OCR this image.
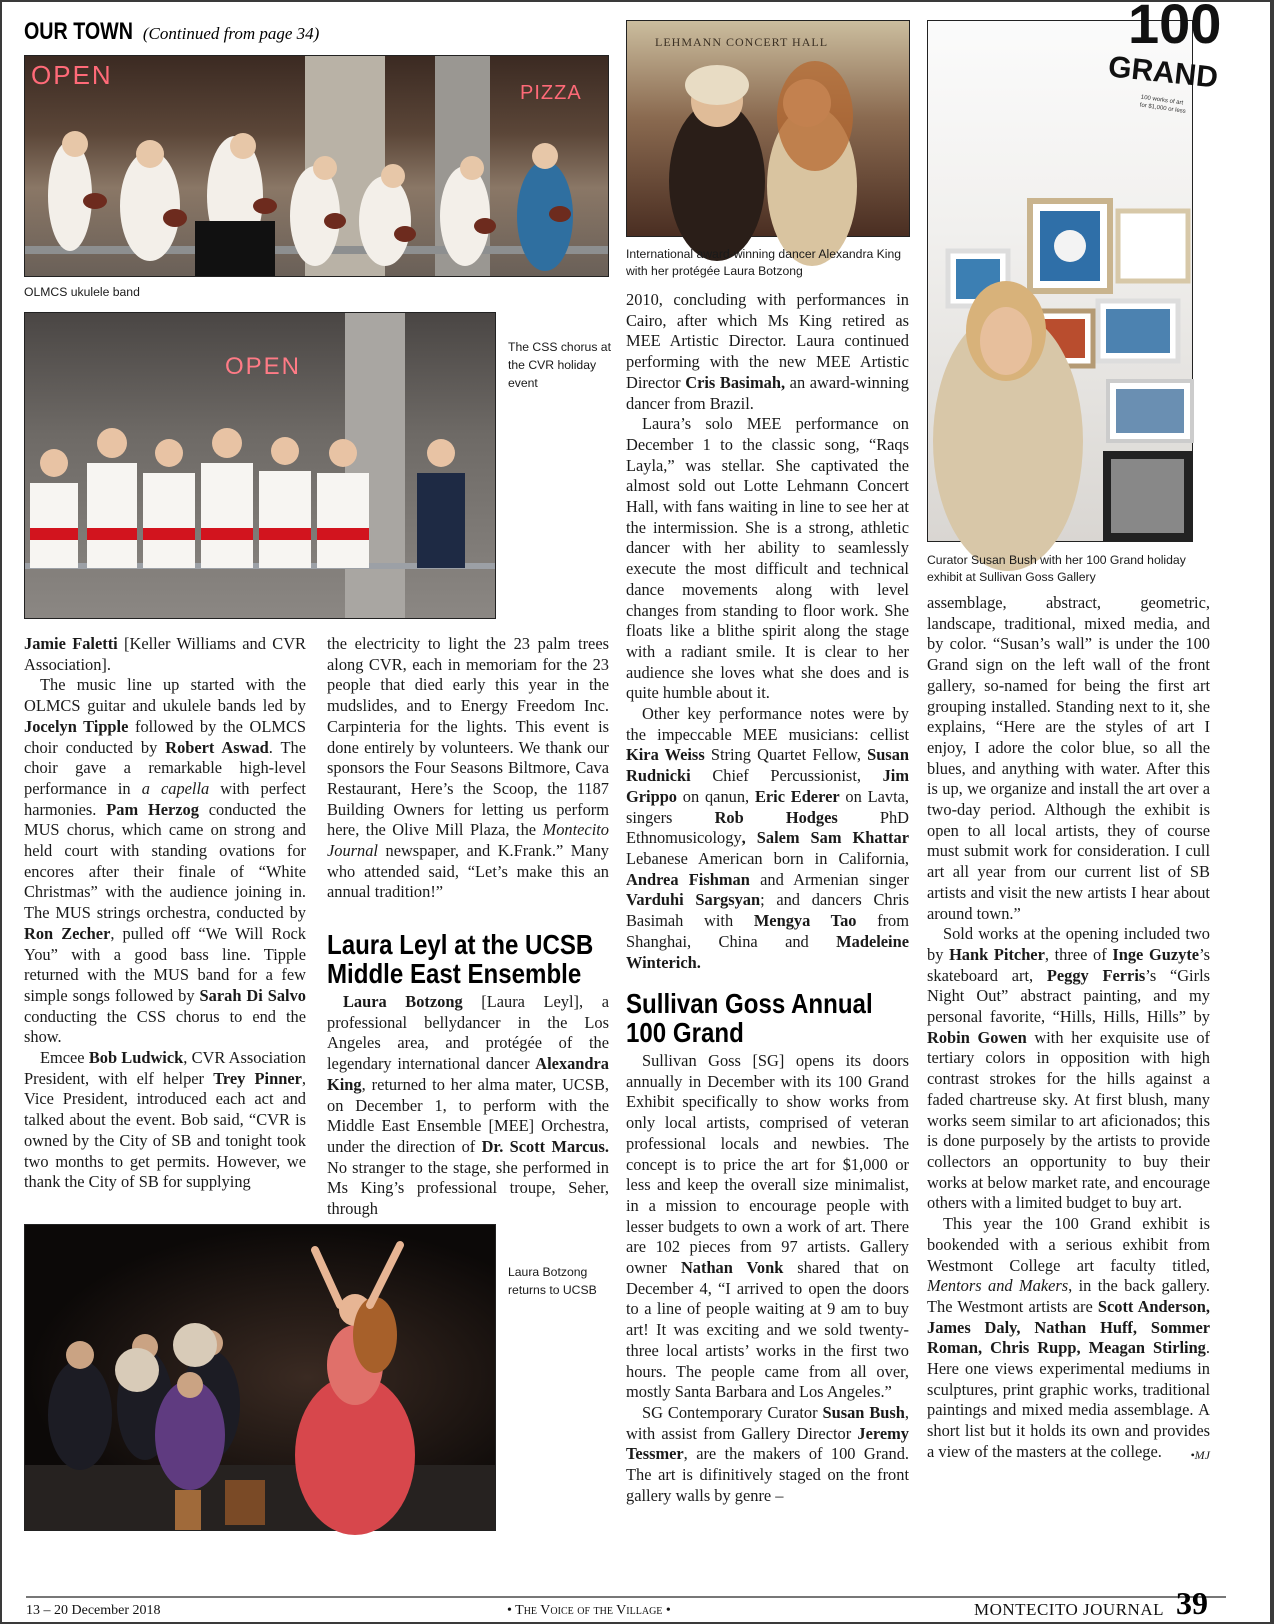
OUR TOWN (Continued from page 34)
OPEN
PIZZA
OLMCS ukulele band
OPEN
The CSS chorus at the CVR holiday event
LEHMANN CONCERT HALL
International award-winning dancer Alexandra King with her protégée Laura Botzong
100
GRAND
100 works of art for $1,000 or less
Curator Susan Bush with her 100 Grand holiday exhibit at Sullivan Goss Gallery
Laura Botzong returns to UCSB

Jamie Faletti [Keller Williams and CVR Association].

The music line up started with the OLMCS guitar and ukulele bands led by Jocelyn Tipple followed by the OLMCS choir conducted by Robert Aswad. The choir gave a remarkable high-level performance in a capella with perfect harmonies. Pam Herzog conducted the MUS chorus, which came on strong and held court with standing ovations for encores after their finale of “White Christmas” with the audience joining in. The MUS strings orchestra, conducted by Ron Zecher, pulled off “We Will Rock You” with a good bass line. Tipple returned with the MUS band for a few simple songs followed by Sarah Di Salvo conducting the CSS chorus to end the show.

Emcee Bob Ludwick, CVR Association President, with elf helper Trey Pinner, Vice President, introduced each act and talked about the event. Bob said, “CVR is owned by the City of SB and tonight took two months to get permits. However, we thank the City of SB for supplying

the electricity to light the 23 palm trees along CVR, each in memoriam for the 23 people that died early this year in the mudslides, and to Energy Freedom Inc. Carpinteria for the lights. This event is done entirely by volunteers. We thank our sponsors the Four Seasons Biltmore, Cava Restaurant, Here’s the Scoop, the 1187 Building Owners for letting us perform here, the Olive Mill Plaza, the Montecito Journal newspaper, and K.Frank.” Many who attended said, “Let’s make this an annual tradition!”

Laura Leyl at the UCSB Middle East Ensemble

Laura Botzong [Laura Leyl], a professional bellydancer in the Los Angeles area, and protégée of the legendary international dancer Alexandra King, returned to her alma mater, UCSB, on December 1, to perform with the Middle East Ensemble [MEE] Orchestra, under the direction of Dr. Scott Marcus. No stranger to the stage, she performed in Ms King’s professional troupe, Seher, through

2010, concluding with performances in Cairo, after which Ms King retired as MEE Artistic Director. Laura continued performing with the new MEE Artistic Director Cris Basimah, an award-winning dancer from Brazil.

Laura’s solo MEE performance on December 1 to the classic song, “Raqs Layla,” was stellar. She captivated the almost sold out Lotte Lehmann Concert Hall, with fans waiting in line to see her at the intermission. She is a strong, athletic dancer with her ability to seamlessly execute the most difficult and technical dance movements along with level changes from standing to floor work. She floats like a blithe spirit along the stage with a radiant smile. It is clear to her audience she loves what she does and is quite humble about it.

Other key performance notes were by the impeccable MEE musicians: cellist Kira Weiss String Quartet Fellow, Susan Rudnicki Chief Percussionist, Jim Grippo on qanun, Eric Ederer on Lavta, singers Rob Hodges PhD Ethnomusicology, Salem Sam Khattar Lebanese American born in California, Andrea Fishman and Armenian singer Varduhi Sargsyan; and dancers Chris Basimah with Mengya Tao from Shanghai, China and Madeleine Winterich.

Sullivan Goss Annual 100 Grand

Sullivan Goss [SG] opens its doors annually in December with its 100 Grand Exhibit specifically to show works from only local artists, comprised of veteran professional locals and newbies. The concept is to price the art for $1,000 or less and keep the overall size minimalist, in a mission to encourage people with lesser budgets to own a work of art. There are 102 pieces from 97 artists. Gallery owner Nathan Vonk shared that on December 4, “I arrived to open the doors to a line of people waiting at 9 am to buy art! It was exciting and we sold twenty-three local artists’ works in the first two hours. The people came from all over, mostly Santa Barbara and Los Angeles.”

SG Contemporary Curator Susan Bush, with assist from Gallery Director Jeremy Tessmer, are the makers of 100 Grand. The art is difinitively staged on the front gallery walls by genre –

assemblage, abstract, geometric, landscape, traditional, mixed media, and by color. “Susan’s wall” is under the 100 Grand sign on the left wall of the front gallery, so-named for being the first art grouping installed. Standing next to it, she explains, “Here are the styles of art I enjoy, I adore the color blue, so all the blues, and anything with water. After this is up, we organize and install the art over a two-day period. Although the exhibit is open to all local artists, they of course must submit work for consideration. I cull art all year from our current list of SB artists and visit the new artists I hear about around town.”

Sold works at the opening included two by Hank Pitcher, three of Inge Guzyte’s skateboard art, Peggy Ferris’s “Girls Night Out” abstract painting, and my personal favorite, “Hills, Hills, Hills” by Robin Gowen with her exquisite use of tertiary colors in opposition with high contrast strokes for the hills against a faded chartreuse sky. At first blush, many works seem similar to art aficionados; this is done purposely by the artists to provide collectors an opportunity to buy their works at below market rate, and encourage others with a limited budget to buy art.

This year the 100 Grand exhibit is bookended with a serious exhibit from Westmont College art faculty titled, Mentors and Makers, in the back gallery. The Westmont artists are Scott Anderson, James Daly, Nathan Huff, Sommer Roman, Chris Rupp, Meagan Stirling. Here one views experimental mediums in sculptures, print graphic works, traditional paintings and mixed media assemblage. A short list but it holds its own and provides a view of the masters at the college.	•MJ
13 – 20 December 2018	• The Voice of the Village •	MONTECITO JOURNAL 39
